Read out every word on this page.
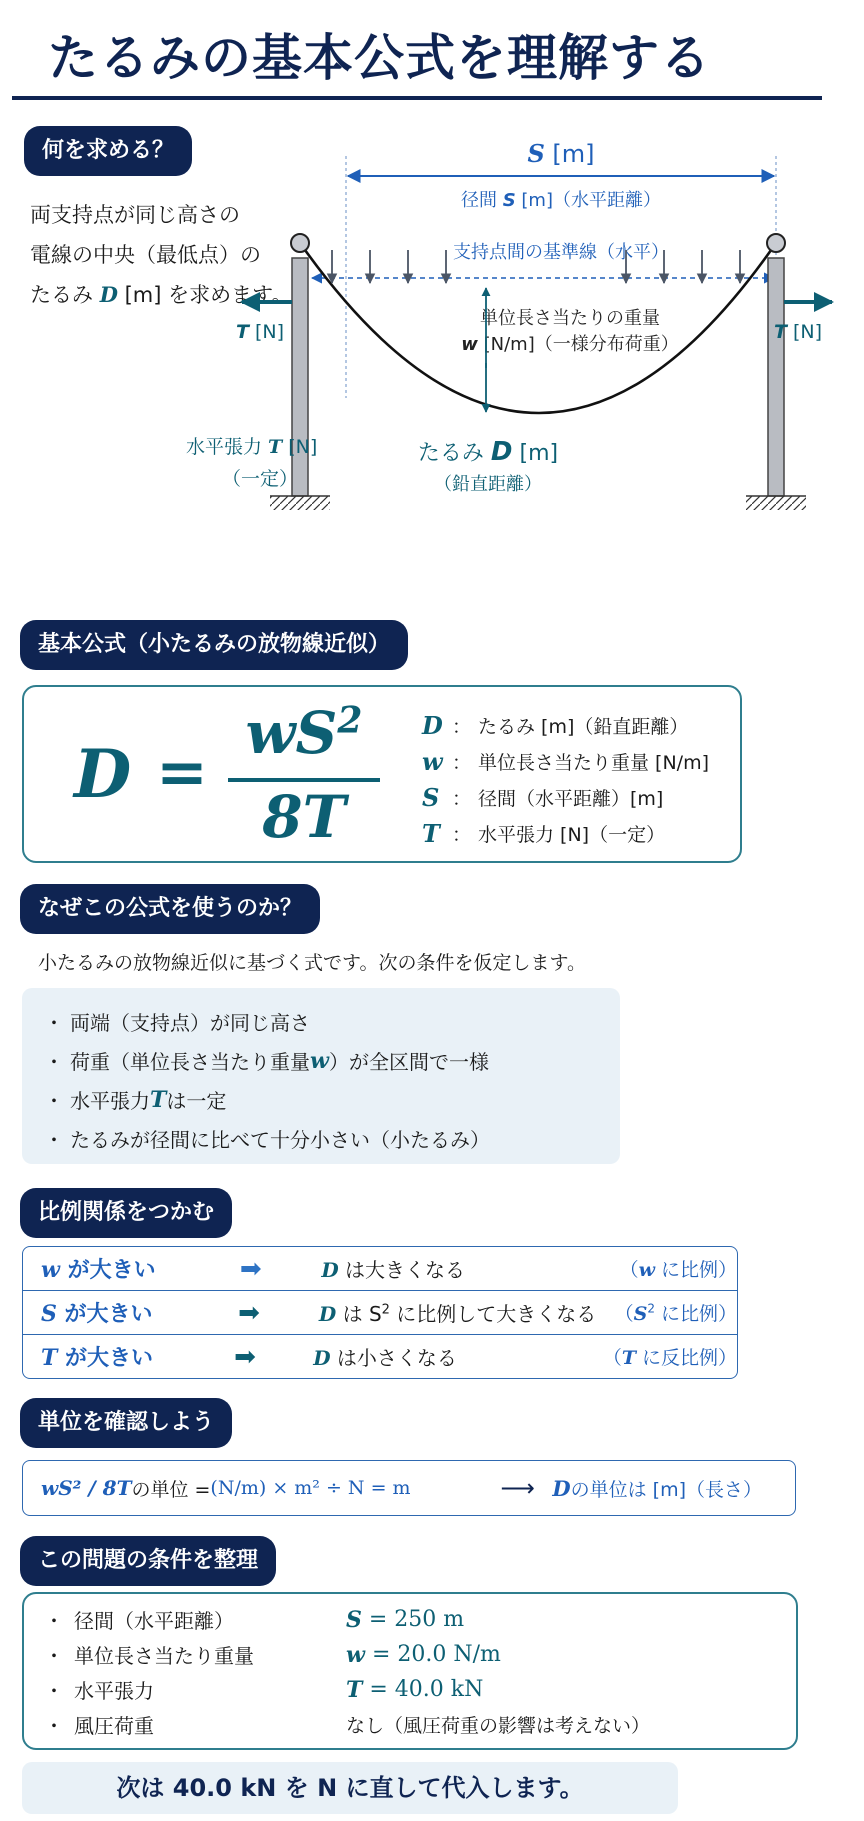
たるみの基本公式を理解する
何を求める？
両支持点が同じ高さの
電線の中央（最低点）の
たるみ D [m] を求めます。
S [m]
径間 S [m]（水平距離）
支持点間の基準線（水平）
単位長さ当たりの重量
w [N/m]（一様分布荷重）
たるみ D [m]
（鉛直距離）
T [N]	T [N]
水平張力 T [N]
（一定）
基本公式（小たるみの放物線近似）
D =
$wS^2$
8T
D ： たるみ [m]（鉛直距離）
w ： 単位長さ当たり重量 [N/m]
S ： 径間（水平距離）[m]
T ： 水平張力 [N]（一定）
なぜこの公式を使うのか？
小たるみの放物線近似に基づく式です。次の条件を仮定します。
・ 両端（支持点）が同じ高さ
・ 荷重（単位長さ当たり重量 w ）が全区間で一様
・ 水平張力 T は一定
・ たるみが径間に比べて十分小さい（小たるみ）
比例関係をつかむ
w が大きい	➡	D は大きくなる	（w に比例）
S が大きい	➡	D は $S^2$ に比例して大きくなる （$S^2$ に比例）
T が大きい	➡	D は小さくなる	（T に反比例）
単位を確認しよう
wS² / 8T の単位 = (N/m) × m² ÷ N = m	⟶ D の単位は [m]（長さ）
この問題の条件を整理
・ 径間（水平距離）	S = 250 m
・ 単位長さ当たり重量	w = 20.0 N/m
・ 水平張力	T = 40.0 kN
・ 風圧荷重	なし（風圧荷重の影響は考えない）
次は 40.0 kN を N に直して代入します。
